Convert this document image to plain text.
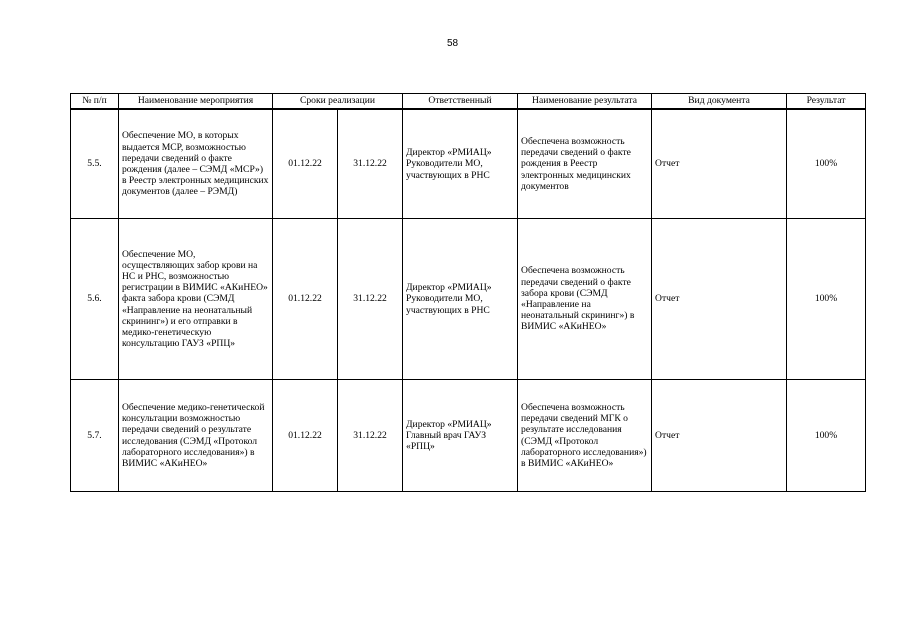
58
№ п/п	Наименование мероприятия	Сроки реализации		Ответственный	Наименование результата	Вид документа	Результат
5.5.	Обеспечение МО, в которых выдается МСР, возможностью передачи сведений о факте рождения (далее – СЭМД «МСР») в Реестр электронных медицинских документов (далее – РЭМД)	01.12.22	31.12.22	Директор «РМИАЦ» Руководители МО, участвующих в РНС	Обеспечена возможность передачи сведений о факте рождения в Реестр электронных медицинских документов	Отчет	100%
5.6.	Обеспечение МО, осуществляющих забор крови на НС и РНС, возможностью регистрации в ВИМИС «АКиНЕО» факта забора крови (СЭМД «Направление на неонатальный скрининг») и его отправки в медико-генетическую консультацию ГАУЗ «РПЦ»	01.12.22	31.12.22	Директор «РМИАЦ» Руководители МО, участвующих в РНС	Обеспечена возможность передачи сведений о факте забора крови (СЭМД «Направление на неонатальный скрининг») в ВИМИС «АКиНЕО»	Отчет	100%
5.7.	Обеспечение медико-генетической консультации возможностью передачи сведений о результате исследования (СЭМД «Протокол лабораторного исследования») в ВИМИС «АКиНЕО»	01.12.22	31.12.22	Директор «РМИАЦ» Главный врач ГАУЗ «РПЦ»	Обеспечена возможность передачи сведений МГК о результате исследования (СЭМД «Протокол лабораторного исследования») в ВИМИС «АКиНЕО»	Отчет	100%
